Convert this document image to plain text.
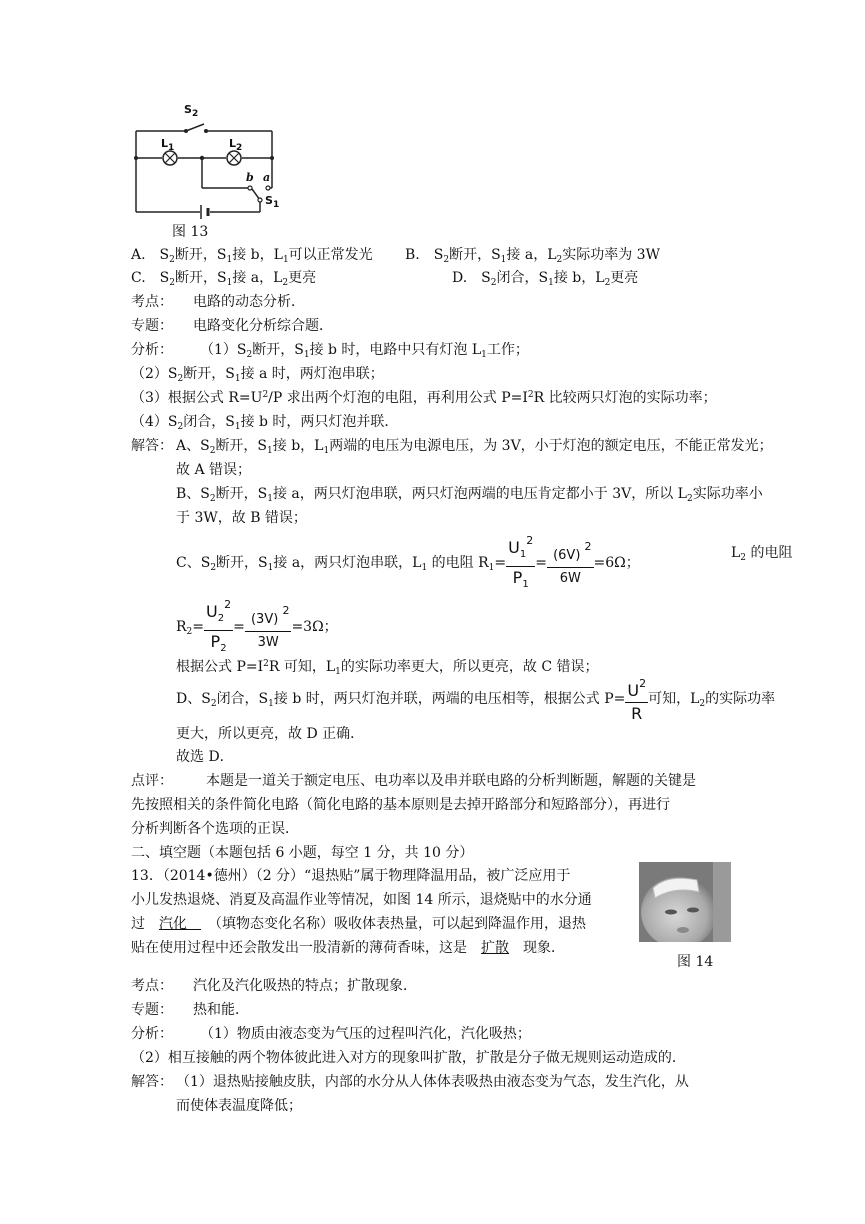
$S_2$
$L_1$	$L_2$
b a
$S_1$
图 13
A.　$S_2$断开，$S_1$接 b，$L_1$可以正常发光 B.　$S_2$断开，$S_1$接 a，$L_2$实际功率为 3W
C.　$S_2$断开，$S_1$接 a，$L_2$更亮	D.　$S_2$闭合，$S_1$接 b，$L_2$更亮
考点： 电路的动态分析．
专题： 电路变化分析综合题．
分析： $(1)S_2$断开，$S_1$接 b 时，电路中只有灯泡 $L_1$工作；
$(2)S_2$断开，$S_1$接 a 时，两灯泡串联；
（3）根据公式 $R=U^2/P$ 求出两个灯泡的电阻，再利用公式 $P=I^2R$ 比较两只灯泡的实际功率；
$(4)S_2$闭合，$S_1$接 b 时，两只灯泡并联．
解答： A、$S_2$断开，$S_1$接 b，$L_1$两端的电压为电源电压，为 3V，小于灯泡的额定电压，不能正常发光；
故 A 错误；
B、$S_2$断开，$S_1$接 a，两只灯泡串联，两只灯泡两端的电压肯定都小于 3V，所以 $L_2$实际功率小
于 3W，故 B 错误；
C、$S_2$断开，$S_1$接 a，两只灯泡串联，$L_1$ 的电阻 $R_1= \frac{U_1^2}{P_1} = \frac{(6V) ^2}{6W} =6\Omega$；
$L_2$ 的电阻
$R_2= \frac{U_2^2}{P_2} = \frac{(3V) ^2}{3W} =3\Omega$；
根据公式 $P=I^2R$ 可知，$L_1$的实际功率更大，所以更亮，故 C 错误；
D、$S_2$闭合，$S_1$接 b 时，两只灯泡并联，两端的电压相等，根据公式 $P= \frac{U^2}{R}$ 可知，$L_2$的实际功率
更大，所以更亮，故 D 正确．
故选 D．
点评： 本题是一道关于额定电压、电功率以及串并联电路的分析判断题，解题的关键是
先按照相关的条件简化电路（简化电路的基本原则是去掉开路部分和短路部分），再进行
分析判断各个选项的正误．
二、填空题（本题包括 6 小题，每空 1 分，共 10 分）
13．（2014•德州）（2 分）“退热贴”属于物理降温用品，被广泛应用于
小儿发热退烧、消夏及高温作业等情况，如图 14 所示，退烧贴中的水分通
过　汽化　　（填物态变化名称）吸收体表热量，可以起到降温作用，退热
贴在使用过程中还会散发出一股清新的薄荷香味，这是　扩散　现象．
图 14
考点： 汽化及汽化吸热的特点；扩散现象．
专题： 热和能．
分析： （1）物质由液态变为气压的过程叫汽化，汽化吸热；
（2）相互接触的两个物体彼此进入对方的现象叫扩散，扩散是分子做无规则运动造成的．
解答： （1）退热贴接触皮肤，内部的水分从人体体表吸热由液态变为气态，发生汽化，从
而使体表温度降低；
